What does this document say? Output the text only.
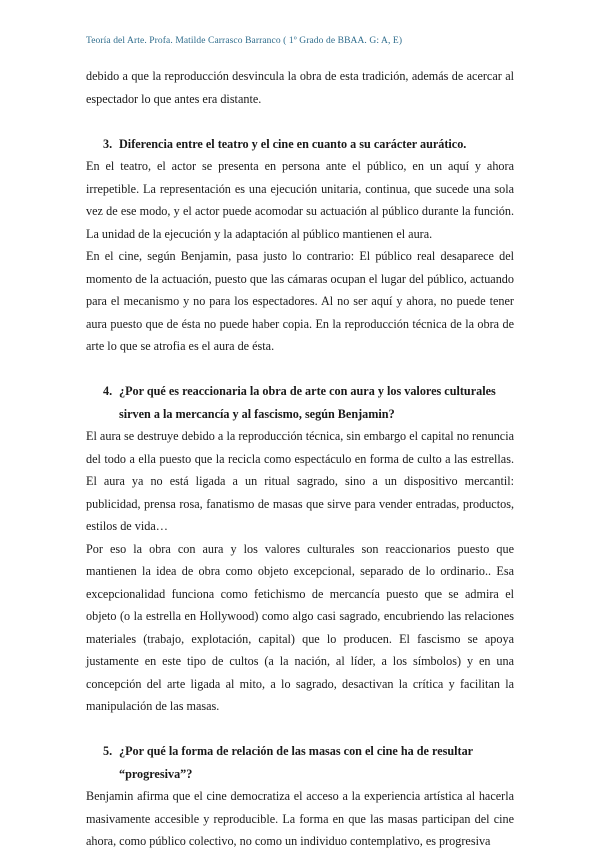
Teoría del Arte. Profa. Matilde Carrasco Barranco ( 1º Grado de BBAA. G: A, E)

debido a que la reproducción desvincula la obra de esta tradición, además de acercar al espectador lo que antes era distante.

3. Diferencia entre el teatro y el cine en cuanto a su carácter aurático.

En el teatro, el actor se presenta en persona ante el público, en un aquí y ahora irrepetible. La representación es una ejecución unitaria, continua, que sucede una sola vez de ese modo, y el actor puede acomodar su actuación al público durante la función. La unidad de la ejecución y la adaptación al público mantienen el aura.

En el cine, según Benjamin, pasa justo lo contrario: El público real desaparece del momento de la actuación, puesto que las cámaras ocupan el lugar del público, actuando para el mecanismo y no para los espectadores. Al no ser aquí y ahora, no puede tener aura puesto que de ésta no puede haber copia. En la reproducción técnica de la obra de arte lo que se atrofia es el aura de ésta.

4. ¿Por qué es reaccionaria la obra de arte con aura y los valores culturales sirven a la mercancía y al fascismo, según Benjamin?

El aura se destruye debido a la reproducción técnica, sin embargo el capital no renuncia del todo a ella puesto que la recicla como espectáculo en forma de culto a las estrellas. El aura ya no está ligada a un ritual sagrado, sino a un dispositivo mercantil: publicidad, prensa rosa, fanatismo de masas que sirve para vender entradas, productos, estilos de vida…

Por eso la obra con aura y los valores culturales son reaccionarios puesto que mantienen la idea de obra como objeto excepcional, separado de lo ordinario.. Esa excepcionalidad funciona como fetichismo de mercancía puesto que se admira el objeto (o la estrella en Hollywood) como algo casi sagrado, encubriendo las relaciones materiales (trabajo, explotación, capital) que lo producen. El fascismo se apoya justamente en este tipo de cultos (a la nación, al líder, a los símbolos) y en una concepción del arte ligada al mito, a lo sagrado, desactivan la crítica y facilitan la manipulación de las masas.

5. ¿Por qué la forma de relación de las masas con el cine ha de resultar “progresiva”?

Benjamin afirma que el cine democratiza el acceso a la experiencia artística al hacerla masivamente accesible y reproducible. La forma en que las masas participan del cine ahora, como público colectivo, no como un individuo contemplativo, es progresiva
